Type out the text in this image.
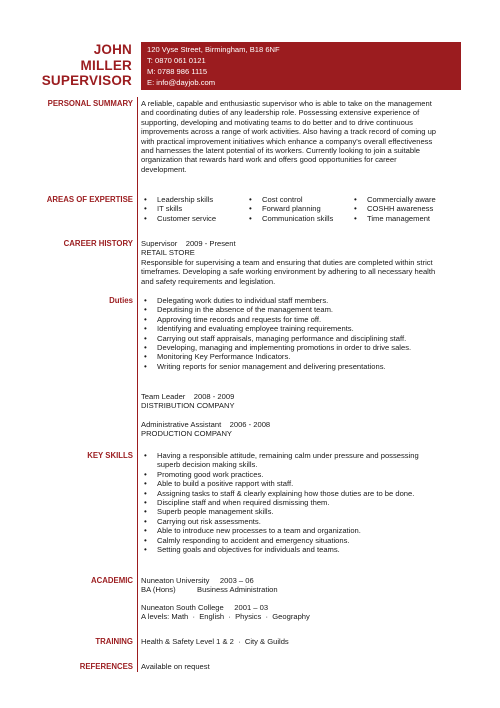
JOHN
MILLER
SUPERVISOR
120 Vyse Street, Birmingham, B18 6NF
T: 0870 061 0121
M: 0788 986 1115
E: info@dayjob.com
PERSONAL SUMMARY A reliable, capable and enthusiastic supervisor who is able to take on the management and coordinating duties of any leadership role. Possessing extensive experience of supporting, developing and motivating teams to do better and to drive continuous improvements across a range of work activities. Also having a track record of coming up with practical improvement initiatives which enhance a company's overall effectiveness and harnesses the latent potential of its workers. Currently looking to join a suitable organization that rewards hard work and offers good opportunities for career development.
AREAS OF EXPERTISE	• Leadership skills	• Cost control	• Commercially aware
• IT skills	• Forward planning	• COSHH awareness
• Customer service	• Communication skills	• Time management
CAREER HISTORY Supervisor    2009 - Present
RETAIL STORE
Responsible for supervising a team and ensuring that duties are completed within strict timeframes. Developing a safe working environment by adhering to all necessary health and safety requirements and legislation.
Duties	• Delegating work duties to individual staff members.
• Deputising in the absence of the management team.
• Approving time records and requests for time off.
• Identifying and evaluating employee training requirements.
• Carrying out staff appraisals, managing performance and disciplining staff.
• Developing, managing and implementing promotions in order to drive sales.
• Monitoring Key Performance Indicators.
• Writing reports for senior management and delivering presentations.
Team Leader    2008 - 2009
DISTRIBUTION COMPANY
Administrative Assistant    2006 - 2008
PRODUCTION COMPANY
KEY SKILLS	• Having a responsible attitude, remaining calm under pressure and possessing superb decision making skills.
• Promoting good work practices.
• Able to build a positive rapport with staff.
• Assigning tasks to staff & clearly explaining how those duties are to be done.
• Discipline staff and when required dismissing them.
• Superb people management skills.
• Carrying out risk assessments.
• Able to introduce new processes to a team and organization.
• Calmly responding to accident and emergency situations.
• Setting goals and objectives for individuals and teams.
ACADEMIC Nuneaton University     2003 – 06
BA (Hons)	Business Administration
Nuneaton South College     2001 – 03
A levels: Math  ·  English  ·  Physics  ·  Geography
TRAINING Health & Safety Level 1 & 2  ·  City & Guilds
REFERENCES Available on request
